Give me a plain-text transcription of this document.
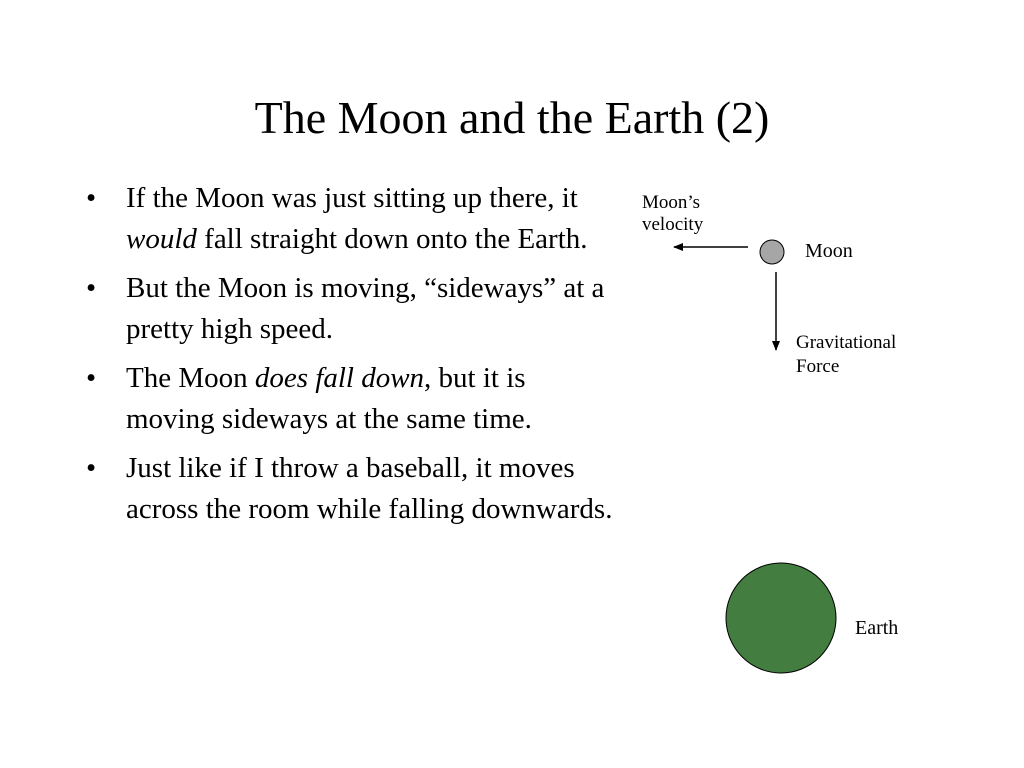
The Moon and the Earth (2)
• If the Moon was just sitting up there, it would fall straight down onto the Earth.
• But the Moon is moving, “sideways” at a pretty high speed.
• The Moon does fall down, but it is moving sideways at the same time.
• Just like if I throw a baseball, it moves across the room while falling downwards.
Moon’s
velocity
Moon
Gravitational
Force
Earth
